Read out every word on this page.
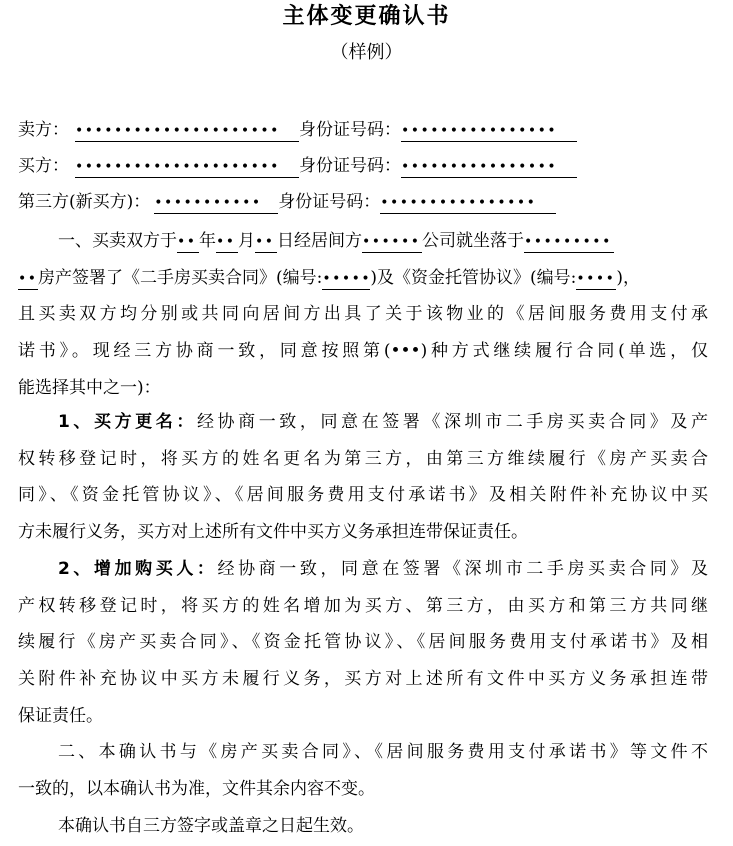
主体变更确认书
（样例）
卖方： ••••••••••••••••••••• 身份证号码：••••••••••••••••
买方： ••••••••••••••••••••• 身份证号码：••••••••••••••••
第三方(新买方)： ••••••••••• 身份证号码：••••••••••••••••
一、买卖双方于•• 年•• 月•• 日经居间方••••••公司就坐落于•••••••••
••房产签署了《二手房买卖合同》(编号:•••••)及《资金托管协议》(编号:••••)，
且买卖双方均分别或共同向居间方出具了关于该物业的《居间服务费用支付承
诺书》。现经三方协商一致，同意按照第(•••)种方式继续履行合同(单选，仅
能选择其中之一)：
1、买方更名：经协商一致，同意在签署《深圳市二手房买卖合同》及产
权转移登记时，将买方的姓名更名为第三方，由第三方维续履行《房产买卖合
同》、《资金托管协议》、《居间服务费用支付承诺书》及相关附件补充协议中买
方未履行义务，买方对上述所有文件中买方义务承担连带保证责任。
2、增加购买人：经协商一致，同意在签署《深圳市二手房买卖合同》及
产权转移登记时，将买方的姓名增加为买方、第三方，由买方和第三方共同继
续履行《房产买卖合同》、《资金托管协议》、《居间服务费用支付承诺书》及相
关附件补充协议中买方未履行义务，买方对上述所有文件中买方义务承担连带
保证责任。
二、本确认书与《房产买卖合同》、《居间服务费用支付承诺书》等文件不
一致的，以本确认书为准，文件其余内容不变。
本确认书自三方签字或盖章之日起生效。
